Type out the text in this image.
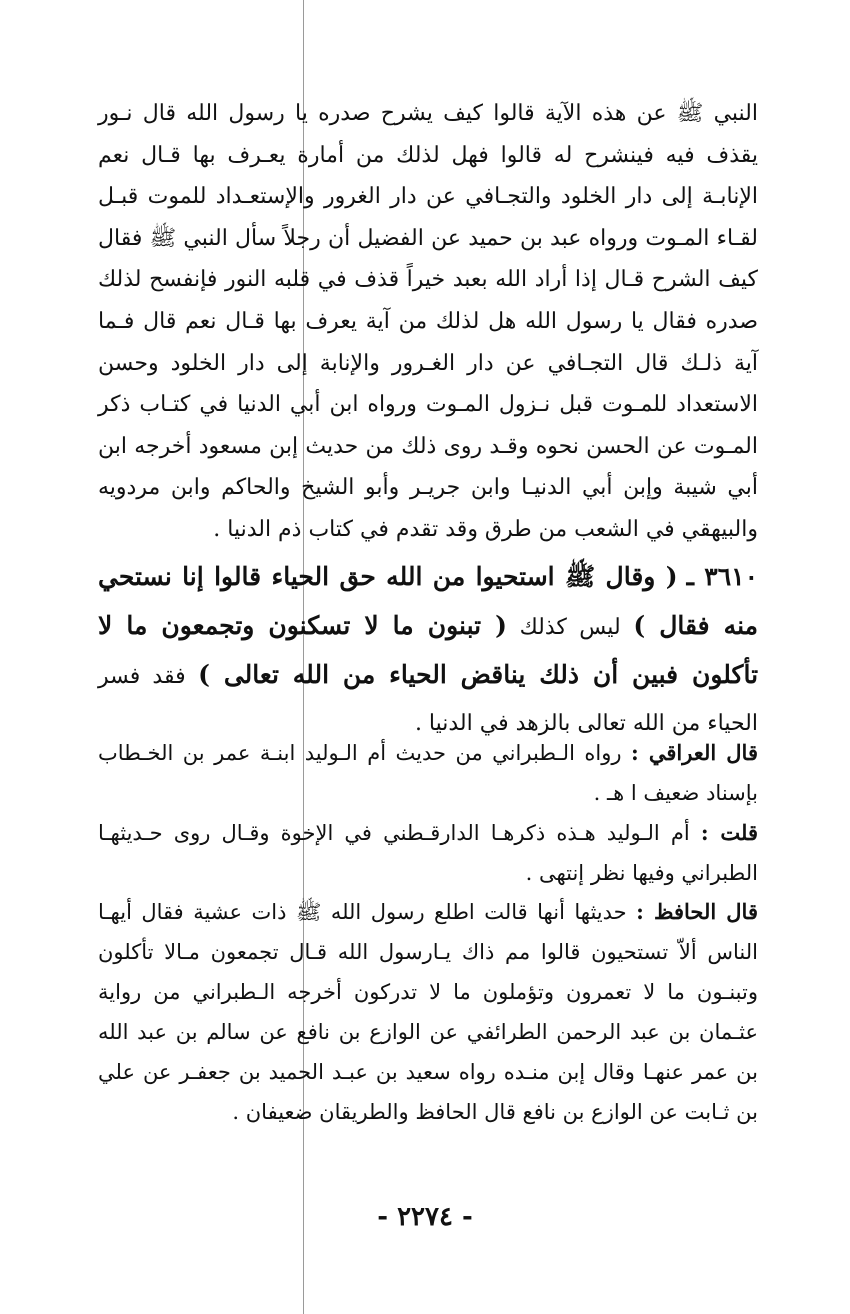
النبي ﷺ عن هذه الآية قالوا كيف يشرح صدره يا رسول الله قال نـور يقذف فيه فينشرح له قالوا فهل لذلك من أمارة يعـرف بها قـال نعم الإنابـة إلى دار الخلود والتجـافي عن دار الغرور والإستعـداد للموت قبـل لقـاء المـوت ورواه عبد بن حميد عن الفضيل أن رجلاً سأل النبي ﷺ فقال كيف الشرح قـال إذا أراد الله بعبد خيراً قذف في قلبه النور فإنفسح لذلك صدره فقال يا رسول الله هل لذلك من آية يعرف بها قـال نعم قال فـما آية ذلـك قال التجـافي عن دار الغـرور والإنابة إلى دار الخلود وحسن الاستعداد للمـوت قبل نـزول المـوت ورواه ابن أبي الدنيا في كتـاب ذكر المـوت عن الحسن نحوه وقـد روى ذلك من حديث إبن مسعود أخرجه ابن أبي شيبة وإبن أبي الدنيـا وابن جريـر وأبو الشيخ والحاكم وابن مردويه والبيهقي في الشعب من طرق وقد تقدم في كتاب ذم الدنيا .

٣٦١٠ ـ ( وقال ﷺ استحيوا من الله حق الحياء قالوا إنا نستحي منه فقال ) ليس كذلك ( تبنون ما لا تسكنون وتجمعون ما لا تأكلون فبين أن ذلك يناقض الحياء من الله تعالى ) فقد فسر الحياء من الله تعالى بالزهد في الدنيا .

قال العراقي : رواه الـطبراني من حديث أم الـوليد ابنـة عمر بن الخـطاب بإسناد ضعيف ا هـ .

قلت : أم الـوليد هـذه ذكرهـا الدارقـطني في الإخوة وقـال روى حـديثهـا الطبراني وفيها نظر إنتهى .

قال الحافظ : حديثها أنها قالت اطلع رسول الله ﷺ ذات عشية فقال أيهـا الناس ألاّ تستحيون قالوا مم ذاك يـارسول الله قـال تجمعون مـالا تأكلون وتبنـون ما لا تعمرون وتؤملون ما لا تدركون أخرجه الـطبراني من رواية عثـمان بن عبد الرحمن الطرائفي عن الوازع بن نافع عن سالم بن عبد الله بن عمر عنهـا وقال إبن منـده رواه سعيد بن عبـد الحميد بن جعفـر عن علي بن ثـابت عن الوازع بن نافع قال الحافظ والطريقان ضعيفان .

- ٢٢٧٤ -
